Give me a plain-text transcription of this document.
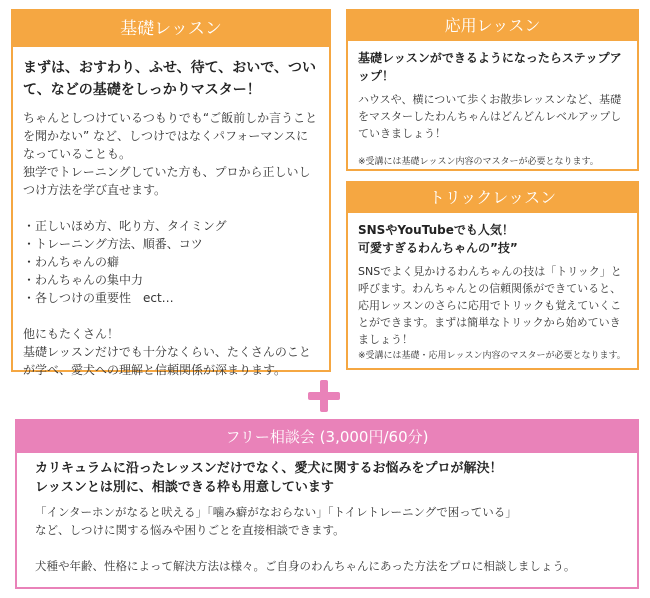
基礎レッスン

まずは、おすわり、ふせ、待て、おいで、ついて、などの基礎をしっかりマスター！

ちゃんとしつけているつもりでも“ご飯前しか言うことを聞かない” など、しつけではなくパフォーマンスになっていることも。
独学でトレーニングしていた方も、プロから正しいしつけ方法を学び直せます。

・正しいほめ方、叱り方、タイミング
・トレーニング方法、順番、コツ
・わんちゃんの癖
・わんちゃんの集中力
・各しつけの重要性　ect…

他にもたくさん！
基礎レッスンだけでも十分なくらい、たくさんのことが学べ、愛犬への理解と信頼関係が深まります。

応用レッスン

基礎レッスンができるようになったらステップアップ！

ハウスや、横について歩くお散歩レッスンなど、基礎をマスターしたわんちゃんはどんどんレベルアップしていきましょう！

※受講には基礎レッスン内容のマスターが必要となります。

トリックレッスン

SNSやYouTubeでも人気！
可愛すぎるわんちゃんの”技”

SNSでよく見かけるわんちゃんの技は「トリック」と呼びます。わんちゃんとの信頼関係ができていると、応用レッスンのさらに応用でトリックも覚えていくことができます。まずは簡単なトリックから始めていきましょう！

※受講には基礎・応用レッスン内容のマスターが必要となります。

フリー相談会 (3,000円/60分)

カリキュラムに沿ったレッスンだけでなく、愛犬に関するお悩みをプロが解決！
レッスンとは別に、相談できる枠も用意しています

「インターホンがなると吠える」「噛み癖がなおらない」「トイレトレーニングで困っている」
など、しつけに関する悩みや困りごとを直接相談できます。

犬種や年齢、性格によって解決方法は様々。ご自身のわんちゃんにあった方法をプロに相談しましょう。
